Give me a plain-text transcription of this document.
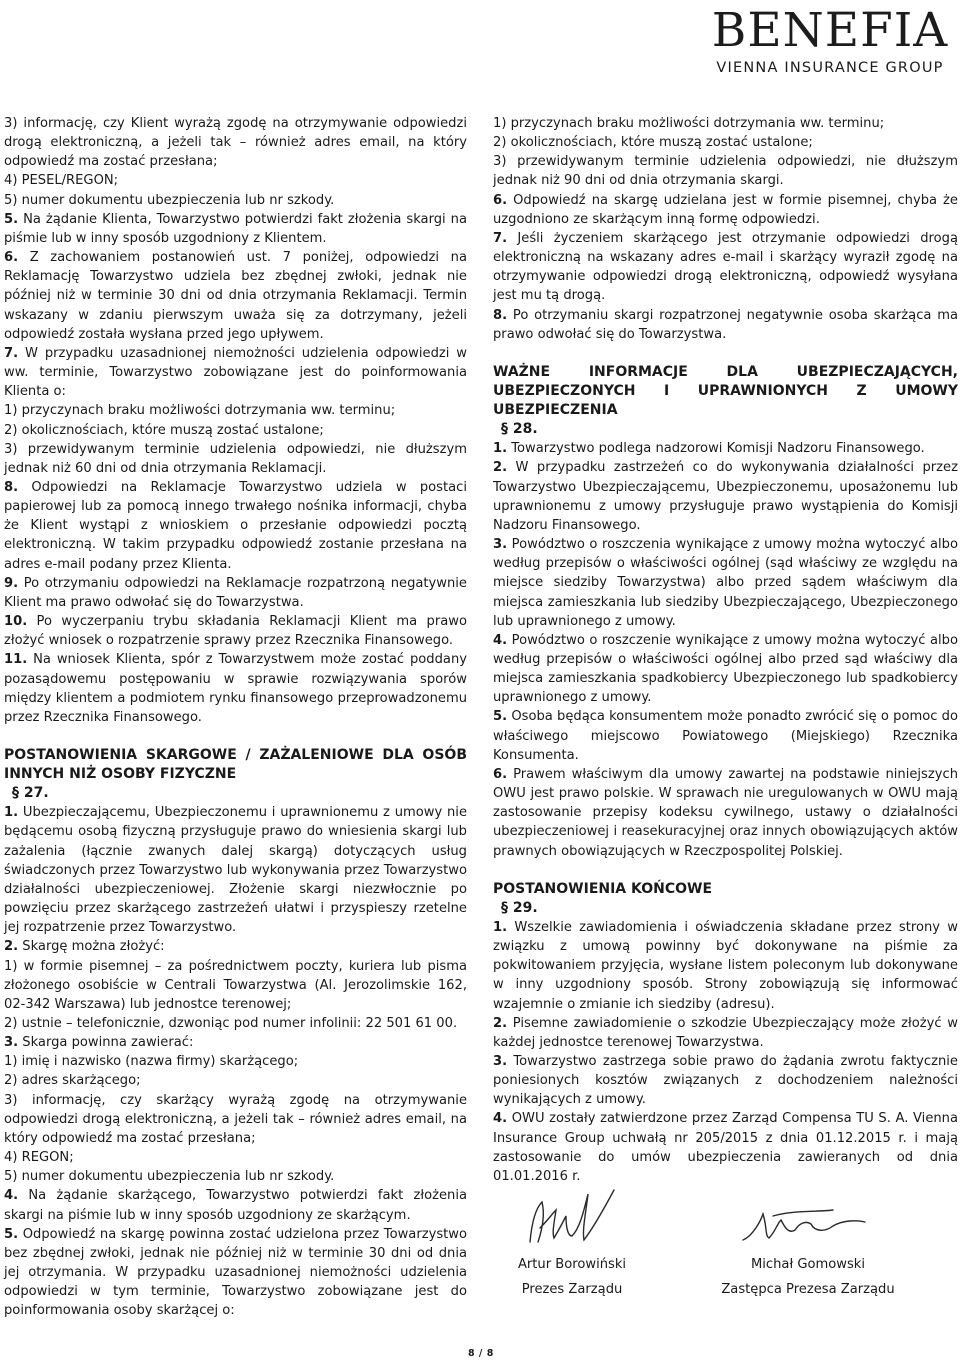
BENEFIA
VIENNA INSURANCE GROUP

3) informację, czy Klient wyrażą zgodę na otrzymywanie odpowiedzi drogą elektroniczną, a jeżeli tak – również adres email, na który odpowiedź ma zostać przesłana;

4) PESEL/REGON;

5) numer dokumentu ubezpieczenia lub nr szkody.

5. Na żądanie Klienta, Towarzystwo potwierdzi fakt złożenia skargi na piśmie lub w inny sposób uzgodniony z Klientem.

6. Z zachowaniem postanowień ust. 7 poniżej, odpowiedzi na Reklamację Towarzystwo udziela bez zbędnej zwłoki, jednak nie później niż w terminie 30 dni od dnia otrzymania Reklamacji. Termin wskazany w zdaniu pierwszym uważa się za dotrzymany, jeżeli odpowiedź została wysłana przed jego upływem.

7. W przypadku uzasadnionej niemożności udzielenia odpowiedzi w ww. terminie, Towarzystwo zobowiązane jest do poinformowania Klienta o:

1) przyczynach braku możliwości dotrzymania ww. terminu;

2) okolicznościach, które muszą zostać ustalone;

3) przewidywanym terminie udzielenia odpowiedzi, nie dłuższym jednak niż 60 dni od dnia otrzymania Reklamacji.

8. Odpowiedzi na Reklamacje Towarzystwo udziela w postaci papierowej lub za pomocą innego trwałego nośnika informacji, chyba że Klient wystąpi z wnioskiem o przesłanie odpowiedzi pocztą elektroniczną. W takim przypadku odpowiedź zostanie przesłana na adres e-mail podany przez Klienta.

9. Po otrzymaniu odpowiedzi na Reklamacje rozpatrzoną negatywnie Klient ma prawo odwołać się do Towarzystwa.

10. Po wyczerpaniu trybu składania Reklamacji Klient ma prawo złożyć wniosek o rozpatrzenie sprawy przez Rzecznika Finansowego.

11. Na wniosek Klienta, spór z Towarzystwem może zostać poddany pozasądowemu postępowaniu w sprawie rozwiązywania sporów między klientem a podmiotem rynku finansowego przeprowadzonemu przez Rzecznika Finansowego.

POSTANOWIENIA SKARGOWE / ZAŻALENIOWE DLA OSÓB INNYCH NIŻ OSOBY FIZYCZNE

§ 27.

1. Ubezpieczającemu, Ubezpieczonemu i uprawnionemu z umowy nie będącemu osobą fizyczną przysługuje prawo do wniesienia skargi lub zażalenia (łącznie zwanych dalej skargą) dotyczących usług świadczonych przez Towarzystwo lub wykonywania przez Towarzystwo działalności ubezpieczeniowej. Złożenie skargi niezwłocznie po powzięciu przez skarżącego zastrzeżeń ułatwi i przyspieszy rzetelne jej rozpatrzenie przez Towarzystwo.

2. Skargę można złożyć:

1) w formie pisemnej – za pośrednictwem poczty, kuriera lub pisma złożonego osobiście w Centrali Towarzystwa (Al. Jerozolimskie 162, 02-342 Warszawa) lub jednostce terenowej;

2) ustnie – telefonicznie, dzwoniąc pod numer infolinii: 22 501 61 00.

3. Skarga powinna zawierać:

1) imię i nazwisko (nazwa firmy) skarżącego;

2) adres skarżącego;

3) informację, czy skarżący wyrażą zgodę na otrzymywanie odpowiedzi drogą elektroniczną, a jeżeli tak – również adres email, na który odpowiedź ma zostać przesłana;

4) REGON;

5) numer dokumentu ubezpieczenia lub nr szkody.

4. Na żądanie skarżącego, Towarzystwo potwierdzi fakt złożenia skargi na piśmie lub w inny sposób uzgodniony ze skarżącym.

5. Odpowiedź na skargę powinna zostać udzielona przez Towarzystwo bez zbędnej zwłoki, jednak nie później niż w terminie 30 dni od dnia jej otrzymania. W przypadku uzasadnionej niemożności udzielenia odpowiedzi w tym terminie, Towarzystwo zobowiązane jest do poinformowania osoby skarżącej o:

1) przyczynach braku możliwości dotrzymania ww. terminu;

2) okolicznościach, które muszą zostać ustalone;

3) przewidywanym terminie udzielenia odpowiedzi, nie dłuższym jednak niż 90 dni od dnia otrzymania skargi.

6. Odpowiedź na skargę udzielana jest w formie pisemnej, chyba że uzgodniono ze skarżącym inną formę odpowiedzi.

7. Jeśli życzeniem skarżącego jest otrzymanie odpowiedzi drogą elektroniczną na wskazany adres e-mail i skarżący wyraził zgodę na otrzymywanie odpowiedzi drogą elektroniczną, odpowiedź wysyłana jest mu tą drogą.

8. Po otrzymaniu skargi rozpatrzonej negatywnie osoba skarżąca ma prawo odwołać się do Towarzystwa.

WAŻNE INFORMACJE DLA UBEZPIECZAJĄCYCH, UBEZPIECZONYCH I UPRAWNIONYCH Z UMOWY UBEZPIECZENIA

§ 28.

1. Towarzystwo podlega nadzorowi Komisji Nadzoru Finansowego.

2. W przypadku zastrzeżeń co do wykonywania działalności przez Towarzystwo Ubezpieczającemu, Ubezpieczonemu, uposażonemu lub uprawnionemu z umowy przysługuje prawo wystąpienia do Komisji Nadzoru Finansowego.

3. Powództwo o roszczenia wynikające z umowy można wytoczyć albo według przepisów o właściwości ogólnej (sąd właściwy ze względu na miejsce siedziby Towarzystwa) albo przed sądem właściwym dla miejsca zamieszkania lub siedziby Ubezpieczającego, Ubezpieczonego lub uprawnionego z umowy.

4. Powództwo o roszczenie wynikające z umowy można wytoczyć albo według przepisów o właściwości ogólnej albo przed sąd właściwy dla miejsca zamieszkania spadkobiercy Ubezpieczonego lub spadkobiercy uprawnionego z umowy.

5. Osoba będąca konsumentem może ponadto zwrócić się o pomoc do właściwego miejscowo Powiatowego (Miejskiego) Rzecznika Konsumenta.

6. Prawem właściwym dla umowy zawartej na podstawie niniejszych OWU jest prawo polskie. W sprawach nie uregulowanych w OWU mają zastosowanie przepisy kodeksu cywilnego, ustawy o działalności ubezpieczeniowej i reasekuracyjnej oraz innych obowiązujących aktów prawnych obowiązujących w Rzeczpospolitej Polskiej.

POSTANOWIENIA KOŃCOWE

§ 29.

1. Wszelkie zawiadomienia i oświadczenia składane przez strony w związku z umową powinny być dokonywane na piśmie za pokwitowaniem przyjęcia, wysłane listem poleconym lub dokonywane w inny uzgodniony sposób. Strony zobowiązują się informować wzajemnie o zmianie ich siedziby (adresu).

2. Pisemne zawiadomienie o szkodzie Ubezpieczający może złożyć w każdej jednostce terenowej Towarzystwa.

3. Towarzystwo zastrzega sobie prawo do żądania zwrotu faktycznie poniesionych kosztów związanych z dochodzeniem należności wynikających z umowy.

4. OWU zostały zatwierdzone przez Zarząd Compensa TU S. A. Vienna Insurance Group uchwałą nr 205/2015 z dnia 01.12.2015 r. i mają zastosowanie do umów ubezpieczenia zawieranych od dnia 01.01.2016 r.

Artur Borowiński
Prezes Zarządu
Michał Gomowski
Zastępca Prezesa Zarządu
8 / 8
